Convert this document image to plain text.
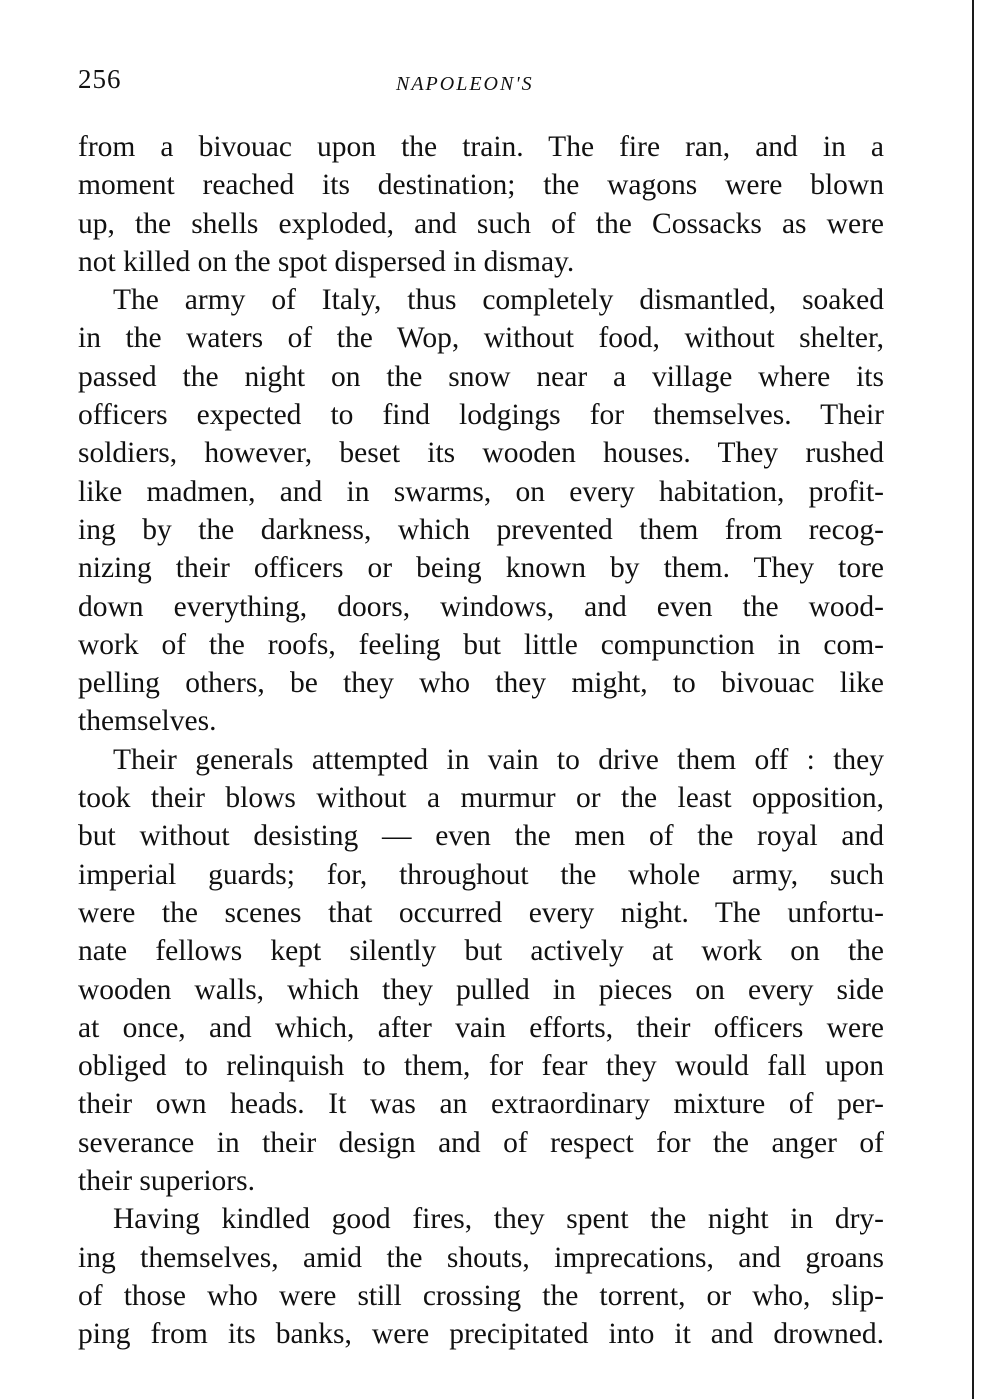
256	NAPOLEON'S
from a bivouac upon the train. The fire ran, and in a
moment reached its destination; the wagons were blown
up, the shells exploded, and such of the Cossacks as were
not killed on the spot dispersed in dismay.
The army of Italy, thus completely dismantled, soaked
in the waters of the Wop, without food, without shelter,
passed the night on the snow near a village where its
officers expected to find lodgings for themselves. Their
soldiers, however, beset its wooden houses. They rushed
like madmen, and in swarms, on every habitation, profit-
ing by the darkness, which prevented them from recog-
nizing their officers or being known by them. They tore
down everything, doors, windows, and even the wood-
work of the roofs, feeling but little compunction in com-
pelling others, be they who they might, to bivouac like
themselves.
Their generals attempted in vain to drive them off : they
took their blows without a murmur or the least opposition,
but without desisting — even the men of the royal and
imperial guards; for, throughout the whole army, such
were the scenes that occurred every night. The unfortu-
nate fellows kept silently but actively at work on the
wooden walls, which they pulled in pieces on every side
at once, and which, after vain efforts, their officers were
obliged to relinquish to them, for fear they would fall upon
their own heads. It was an extraordinary mixture of per-
severance in their design and of respect for the anger of
their superiors.
Having kindled good fires, they spent the night in dry-
ing themselves, amid the shouts, imprecations, and groans
of those who were still crossing the torrent, or who, slip-
ping from its banks, were precipitated into it and drowned.
